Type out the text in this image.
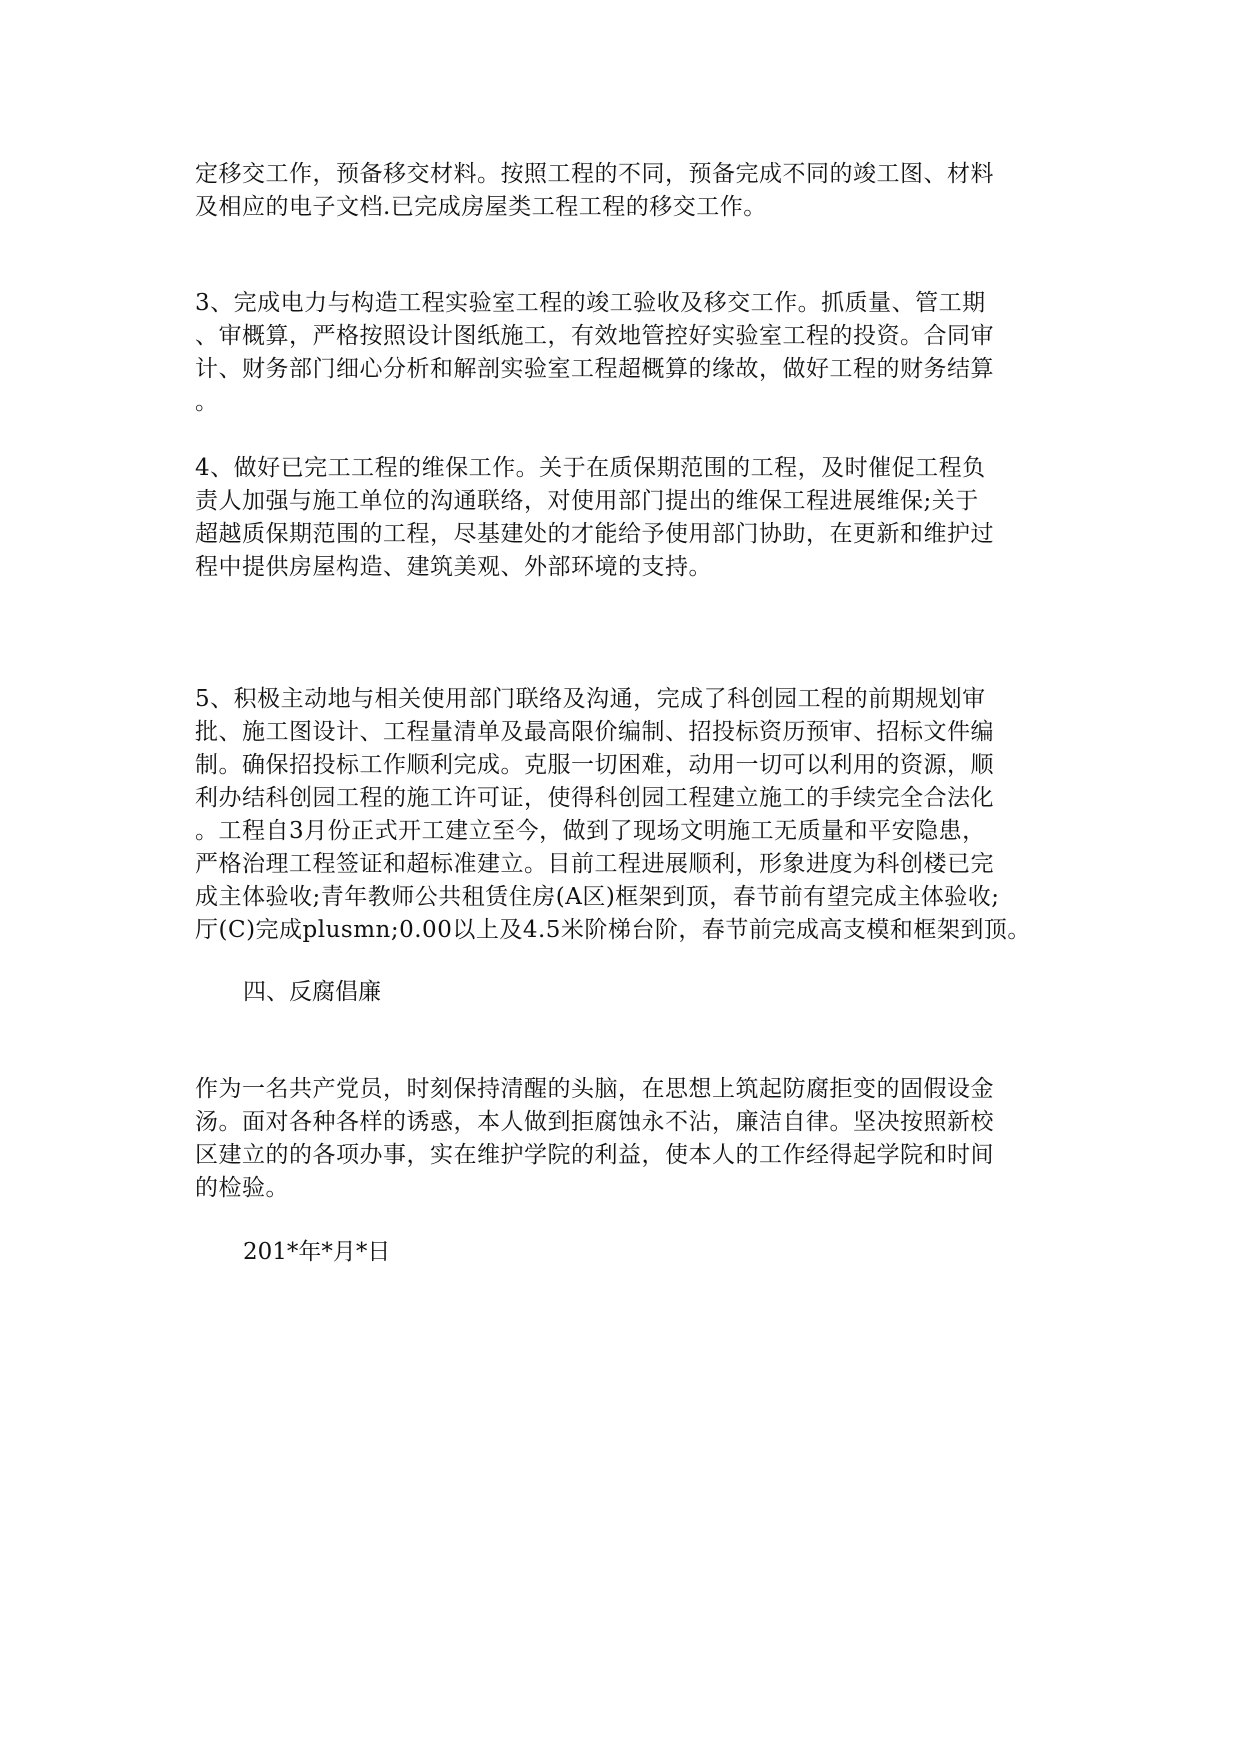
定移交工作，预备移交材料。按照工程的不同，预备完成不同的竣工图、材料
及相应的电子文档.已完成房屋类工程工程的移交工作。

3、完成电力与构造工程实验室工程的竣工验收及移交工作。抓质量、管工期
、审概算，严格按照设计图纸施工，有效地管控好实验室工程的投资。合同审
计、财务部门细心分析和解剖实验室工程超概算的缘故，做好工程的财务结算
。

4、做好已完工工程的维保工作。关于在质保期范围的工程，及时催促工程负
责人加强与施工单位的沟通联络，对使用部门提出的维保工程进展维保;关于
超越质保期范围的工程，尽基建处的才能给予使用部门协助，在更新和维护过
程中提供房屋构造、建筑美观、外部环境的支持。

5、积极主动地与相关使用部门联络及沟通，完成了科创园工程的前期规划审
批、施工图设计、工程量清单及最高限价编制、招投标资历预审、招标文件编
制。确保招投标工作顺利完成。克服一切困难，动用一切可以利用的资源，顺
利办结科创园工程的施工许可证，使得科创园工程建立施工的手续完全合法化
。工程自3月份正式开工建立至今，做到了现场文明施工无质量和平安隐患，
严格治理工程签证和超标准建立。目前工程进展顺利，形象进度为科创楼已完
成主体验收;青年教师公共租赁住房(A区)框架到顶，春节前有望完成主体验收;
厅(C)完成plusmn;0.00以上及4.5米阶梯台阶，春节前完成高支模和框架到顶。

四、反腐倡廉

作为一名共产党员，时刻保持清醒的头脑，在思想上筑起防腐拒变的固假设金
汤。面对各种各样的诱惑，本人做到拒腐蚀永不沾，廉洁自律。坚决按照新校
区建立的的各项办事，实在维护学院的利益，使本人的工作经得起学院和时间
的检验。

201*年*月*日
